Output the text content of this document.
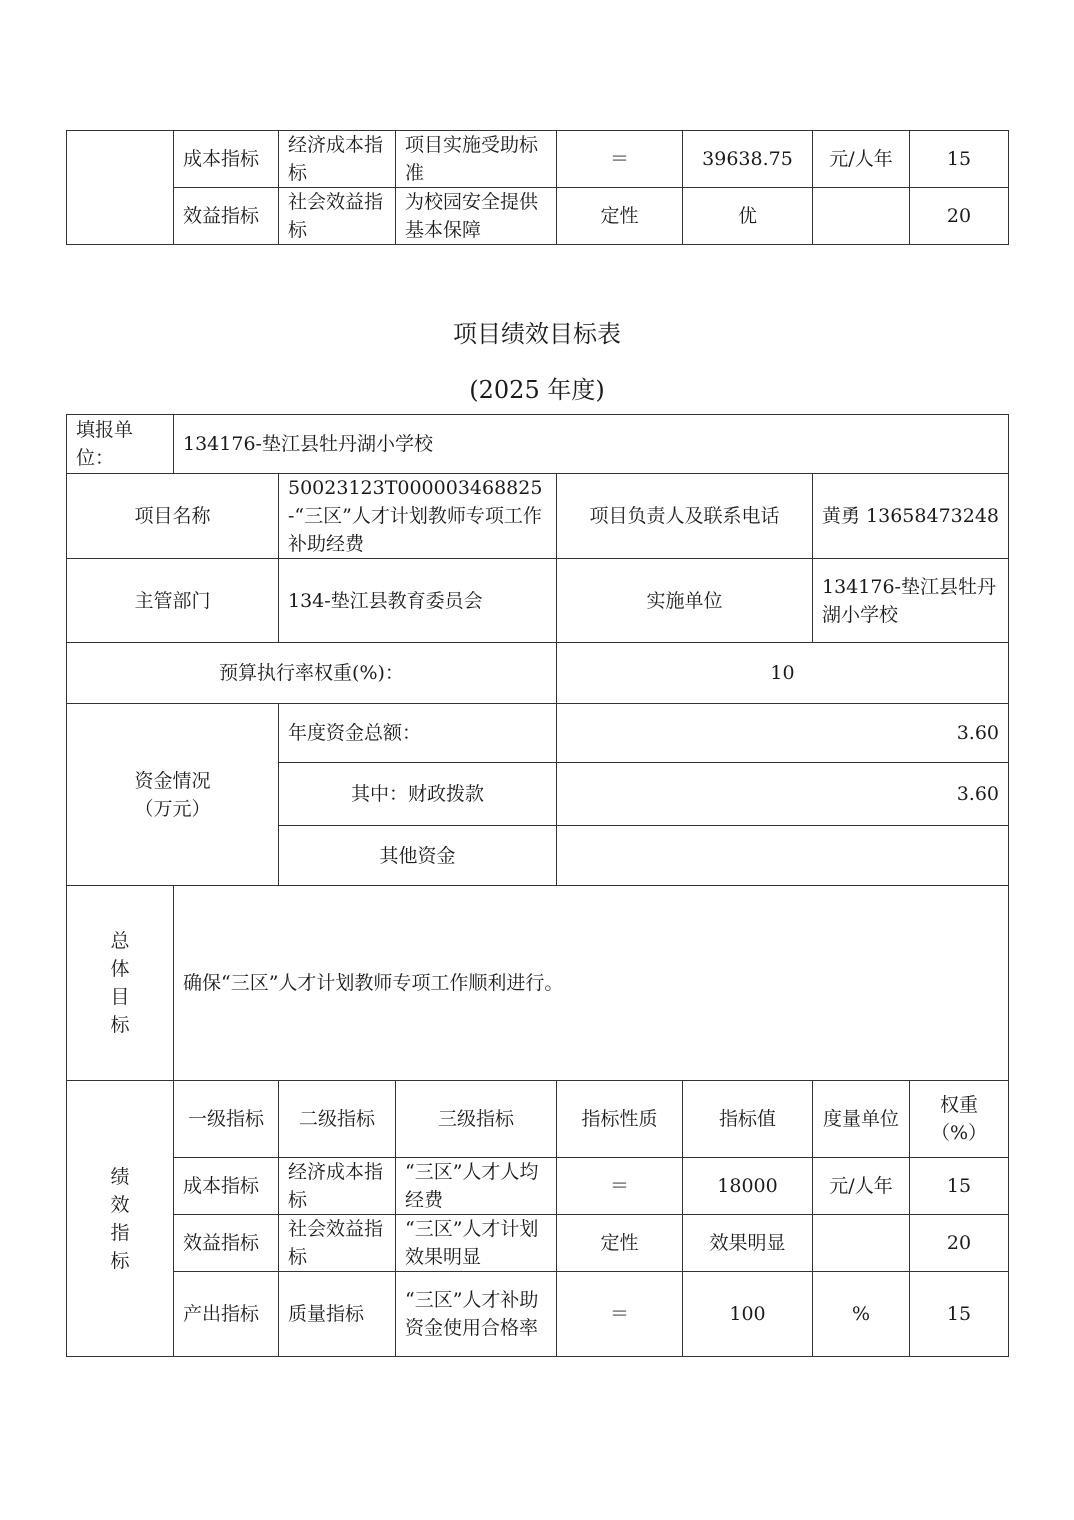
	成本指标	经济成本指标	项目实施受助标准	＝	39638.75	元/人年	15
	效益指标	社会效益指标	为校园安全提供基本保障	定性	优		20
项目绩效目标表
(2025 年度)
填报单位：	134176-垫江县牡丹湖小学校						
项目名称		50023123T000003468825-“三区”人才计划教师专项工作补助经费		项目负责人及联系电话		黄勇 13658473248	
主管部门		134-垫江县教育委员会		实施单位		134176-垫江县牡丹湖小学校	
预算执行率权重(%)：				10			
资金情况（万元）		年度资金总额：		3.60			
		其中：财政拨款		3.60			
		其他资金					
总体目标	确保“三区”人才计划教师专项工作顺利进行。						
绩效指标	一级指标	二级指标	三级指标	指标性质	指标值	度量单位	权重（%）
	成本指标	经济成本指标	“三区”人才人均经费	＝	18000	元/人年	15
	效益指标	社会效益指标	“三区”人才计划效果明显	定性	效果明显		20
	产出指标	质量指标	“三区”人才补助资金使用合格率	＝	100	%	15
